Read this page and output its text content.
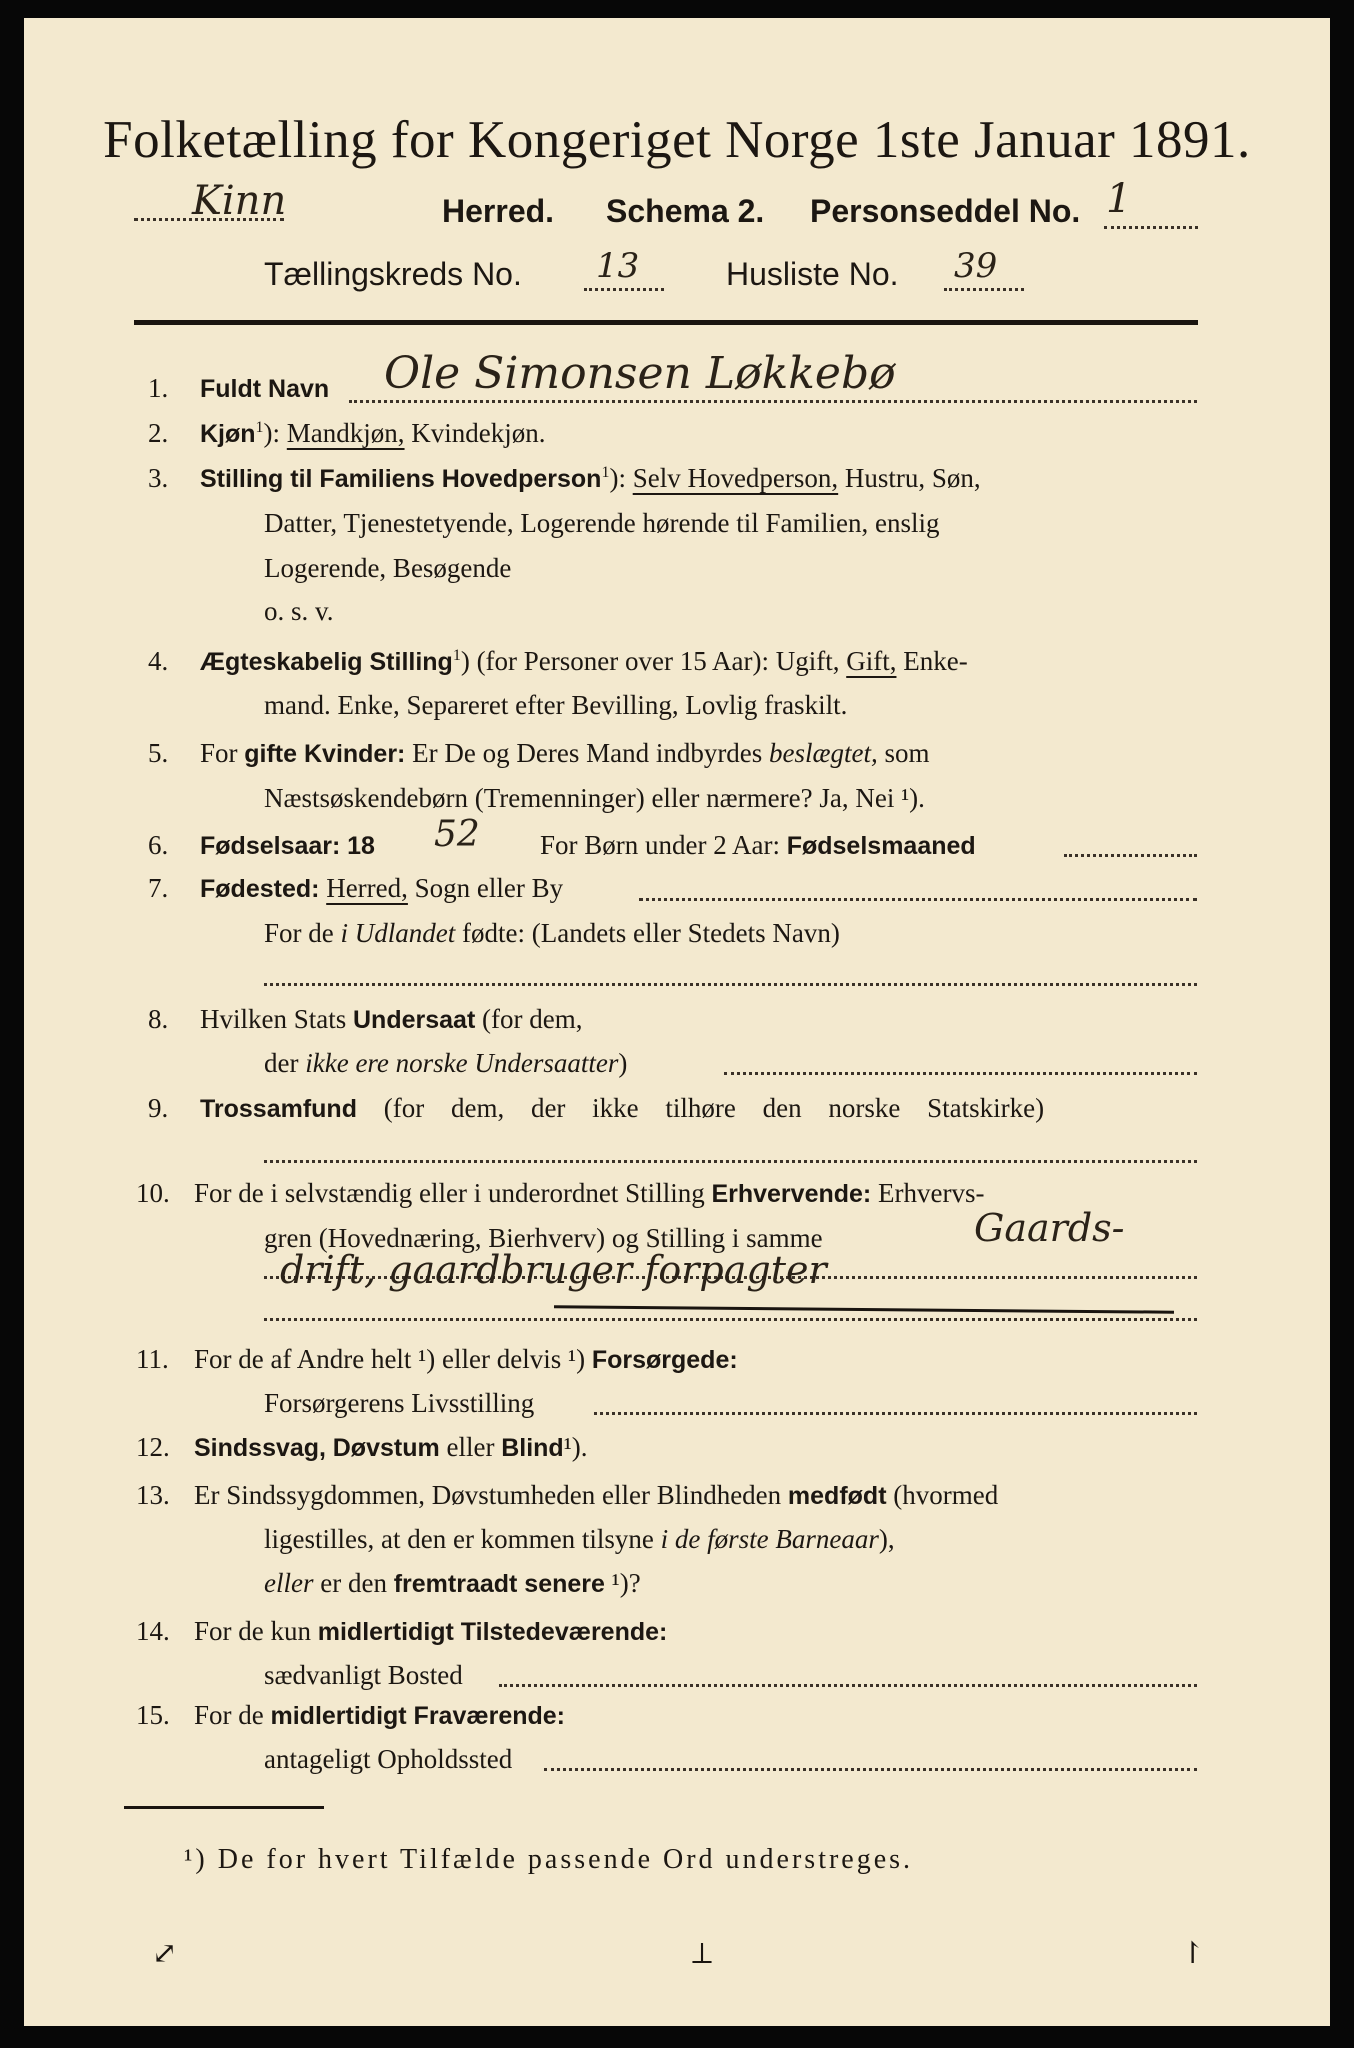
Folketælling for Kongeriget Norge 1ste Januar 1891.
Kinn	Herred. Schema 2. Personseddel No. 1
Tællingskreds No. 13	Husliste No. 39
1. Fuldt Navn Ole Simonsen Løkkebø
2. Kjøn$^1$): Mandkjøn, Kvindekjøn.
3. Stilling til Familiens Hovedperson$^1$): Selv Hovedperson, Hustru, Søn,
Datter, Tjenestetyende, Logerende hørende til Familien, enslig
Logerende, Besøgende
o. s. v.
4. Ægteskabelig Stilling$^1$) (for Personer over 15 Aar): Ugift, Gift, Enke-
mand. Enke, Separeret efter Bevilling, Lovlig fraskilt.
5. For gifte Kvinder: Er De og Deres Mand indbyrdes beslægtet, som
Næstsøskendebørn (Tremenninger) eller nærmere? Ja, Nei ¹).
6. Fødselsaar: 18 52 For Børn under 2 Aar: Fødselsmaaned
7. Fødested: Herred, Sogn eller By
For de i Udlandet fødte: (Landets eller Stedets Navn)
8. Hvilken Stats Undersaat (for dem,
der ikke ere norske Undersaatter)
9. Trossamfund (for dem, der ikke tilhøre den norske Statskirke)
10. For de i selvstændig eller i underordnet Stilling Erhvervende: Erhvervs-
gren (Hovednæring, Bierhverv) og Stilling i samme	Gaards-
drift, gaardbruger forpagter
11. For de af Andre helt ¹) eller delvis ¹) Forsørgede:
Forsørgerens Livsstilling
12. Sindssvag, Døvstum eller Blind¹).
13. Er Sindssygdommen, Døvstumheden eller Blindheden medfødt (hvormed
ligestilles, at den er kommen tilsyne i de første Barneaar),
eller er den fremtraadt senere ¹)?
14. For de kun midlertidigt Tilstedeværende:
sædvanligt Bosted
15. For de midlertidigt Fraværende:
antageligt Opholdssted
¹) De for hvert Tilfælde passende Ord understreges.
⤢	⟂	↾
